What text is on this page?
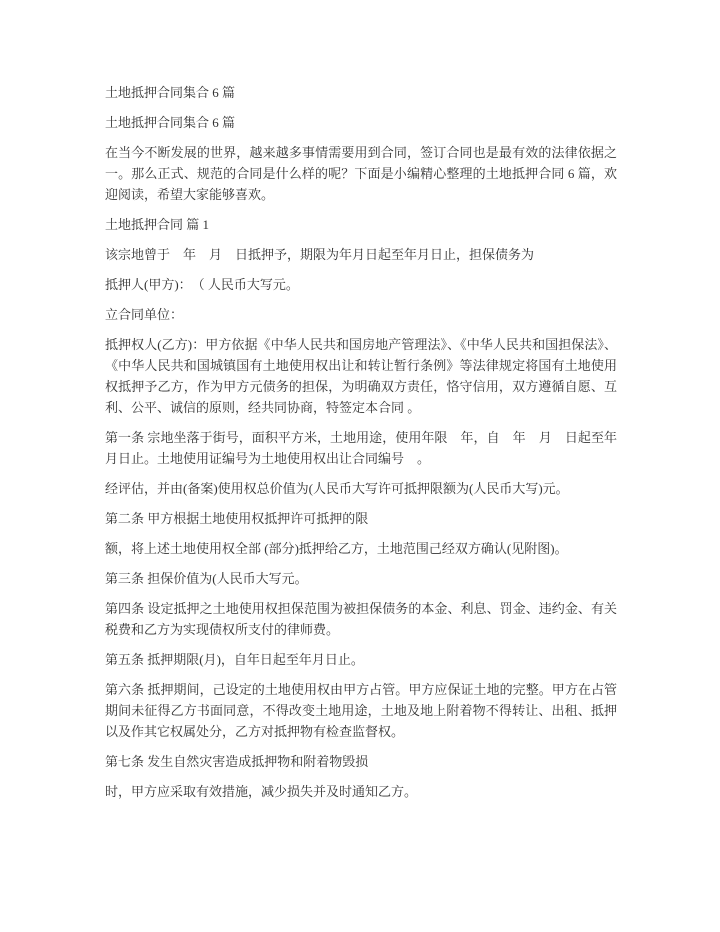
土地抵押合同集合 6 篇

土地抵押合同集合 6 篇

在当今不断发展的世界，越来越多事情需要用到合同，签订合同也是最有效的法律依据之一。那么正式、规范的合同是什么样的呢？下面是小编精心整理的土地抵押合同 6 篇，欢迎阅读，希望大家能够喜欢。

土地抵押合同 篇 1

该宗地曾于　年　月　日抵押予，期限为年月日起至年月日止，担保债务为

抵押人(甲方)：　（ 人民币大写元。

立合同单位：

抵押权人(乙方)：甲方依据《中华人民共和国房地产管理法》、《中华人民共和国担保法》、《中华人民共和国城镇国有土地使用权出让和转让暂行条例》等法律规定将国有土地使用权抵押予乙方，作为甲方元债务的担保，为明确双方责任，恪守信用，双方遵循自愿、互利、公平、诚信的原则，经共同协商，特签定本合同 。

第一条 宗地坐落于街号，面积平方米，土地用途，使用年限　年，自　年　月　日起至年月日止。土地使用证编号为土地使用权出让合同编号　。

经评估，并由(备案)使用权总价值为(人民币大写许可抵押限额为(人民币大写)元。

第二条 甲方根据土地使用权抵押许可抵押的限

额，将上述土地使用权全部 (部分)抵押给乙方，土地范围己经双方确认(见附图)。

第三条 担保价值为(人民币大写元。

第四条 设定抵押之土地使用权担保范围为被担保债务的本金、利息、罚金、违约金、有关税费和乙方为实现债权所支付的律师费。

第五条 抵押期限(月)，自年日起至年月日止。

第六条 抵押期间，己设定的土地使用权由甲方占管。甲方应保证土地的完整。甲方在占管期间未征得乙方书面同意，不得改变土地用途，土地及地上附着物不得转让、出租、抵押以及作其它权属处分，乙方对抵押物有检查监督权。

第七条 发生自然灾害造成抵押物和附着物毁损

时，甲方应采取有效措施，减少损失并及时通知乙方。
